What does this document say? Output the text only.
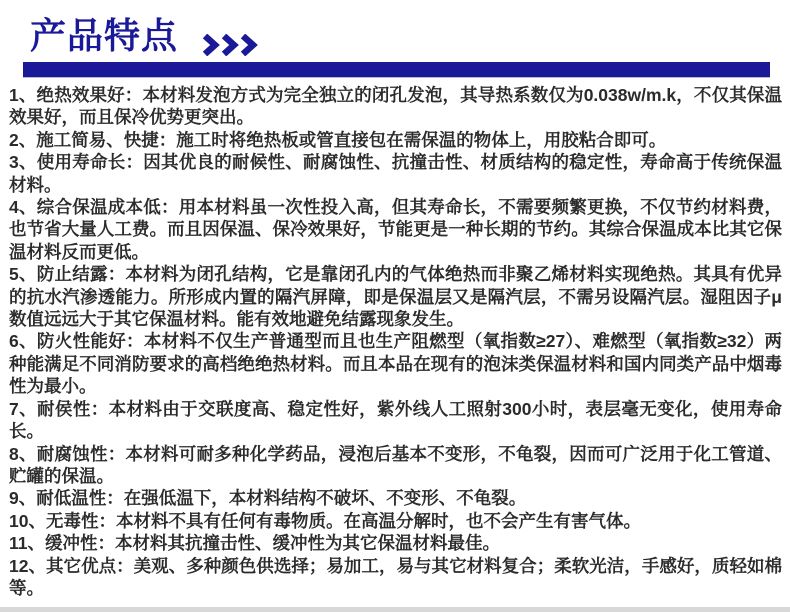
产品特点

1、绝热效果好：本材料发泡方式为完全独立的闭孔发泡，其导热系数仅为0.038w/m.k，不仅其保温效果好，而且保冷优势更突出。

2、施工简易、快捷：施工时将绝热板或管直接包在需保温的物体上，用胶粘合即可。

3、使用寿命长：因其优良的耐候性、耐腐蚀性、抗撞击性、材质结构的稳定性，寿命高于传统保温材料。

4、综合保温成本低：用本材料虽一次性投入高，但其寿命长，不需要频繁更换，不仅节约材料费，也节省大量人工费。而且因保温、保冷效果好，节能更是一种长期的节约。其综合保温成本比其它保温材料反而更低。

5、防止结露：本材料为闭孔结构，它是靠闭孔内的气体绝热而非聚乙烯材料实现绝热。其具有优异的抗水汽渗透能力。所形成内置的隔汽屏障，即是保温层又是隔汽层，不需另设隔汽层。湿阻因子μ数值远远大于其它保温材料。能有效地避免结露现象发生。

6、防火性能好：本材料不仅生产普通型而且也生产阻燃型（氧指数≥27）、难燃型（氧指数≥32）两种能满足不同消防要求的高档绝绝热材料。而且本品在现有的泡沫类保温材料和国内同类产品中烟毒性为最小。

7、耐侯性：本材料由于交联度高、稳定性好，紫外线人工照射300小时，表层毫无变化，使用寿命长。

8、耐腐蚀性：本材料可耐多种化学药品，浸泡后基本不变形，不龟裂，因而可广泛用于化工管道、贮罐的保温。

9、耐低温性：在强低温下，本材料结构不破坏、不变形、不龟裂。

10、无毒性：本材料不具有任何有毒物质。在高温分解时，也不会产生有害气体。

11、缓冲性：本材料其抗撞击性、缓冲性为其它保温材料最佳。

12、其它优点：美观、多种颜色供选择；易加工，易与其它材料复合；柔软光洁，手感好，质轻如棉等。
